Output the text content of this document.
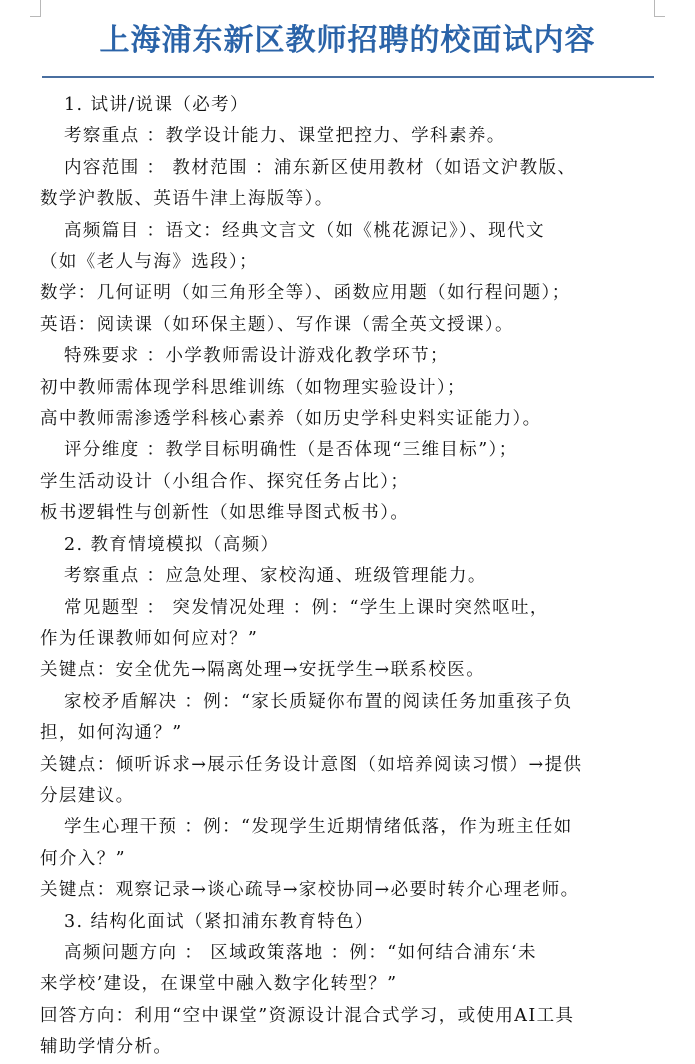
上海浦东新区教师招聘的校面试内容
1. 试讲/说课（必考）
考察重点 ：教学设计能力、课堂把控力、学科素养。
内容范围 ： 教材范围 ：浦东新区使用教材（如语文沪教版、
数学沪教版、英语牛津上海版等）。
高频篇目 ：语文：经典文言文（如《桃花源记》）、现代文
（如《老人与海》选段）；
数学：几何证明（如三角形全等）、函数应用题（如行程问题）；
英语：阅读课（如环保主题）、写作课（需全英文授课）。
特殊要求 ：小学教师需设计游戏化教学环节；
初中教师需体现学科思维训练（如物理实验设计）；
高中教师需渗透学科核心素养（如历史学科史料实证能力）。
评分维度 ：教学目标明确性（是否体现“三维目标”）；
学生活动设计（小组合作、探究任务占比）；
板书逻辑性与创新性（如思维导图式板书）。
2. 教育情境模拟（高频）
考察重点 ：应急处理、家校沟通、班级管理能力。
常见题型 ： 突发情况处理 ：例：“学生上课时突然呕吐，
作为任课教师如何应对？”
关键点：安全优先→隔离处理→安抚学生→联系校医。
家校矛盾解决 ：例：“家长质疑你布置的阅读任务加重孩子负
担，如何沟通？”
关键点：倾听诉求→展示任务设计意图（如培养阅读习惯）→提供
分层建议。
学生心理干预 ：例：“发现学生近期情绪低落，作为班主任如
何介入？”
关键点：观察记录→谈心疏导→家校协同→必要时转介心理老师。
3. 结构化面试（紧扣浦东教育特色）
高频问题方向 ： 区域政策落地 ：例：“如何结合浦东‘未
来学校’建设，在课堂中融入数字化转型？”
回答方向：利用“空中课堂”资源设计混合式学习，或使用AI工具
辅助学情分析。
